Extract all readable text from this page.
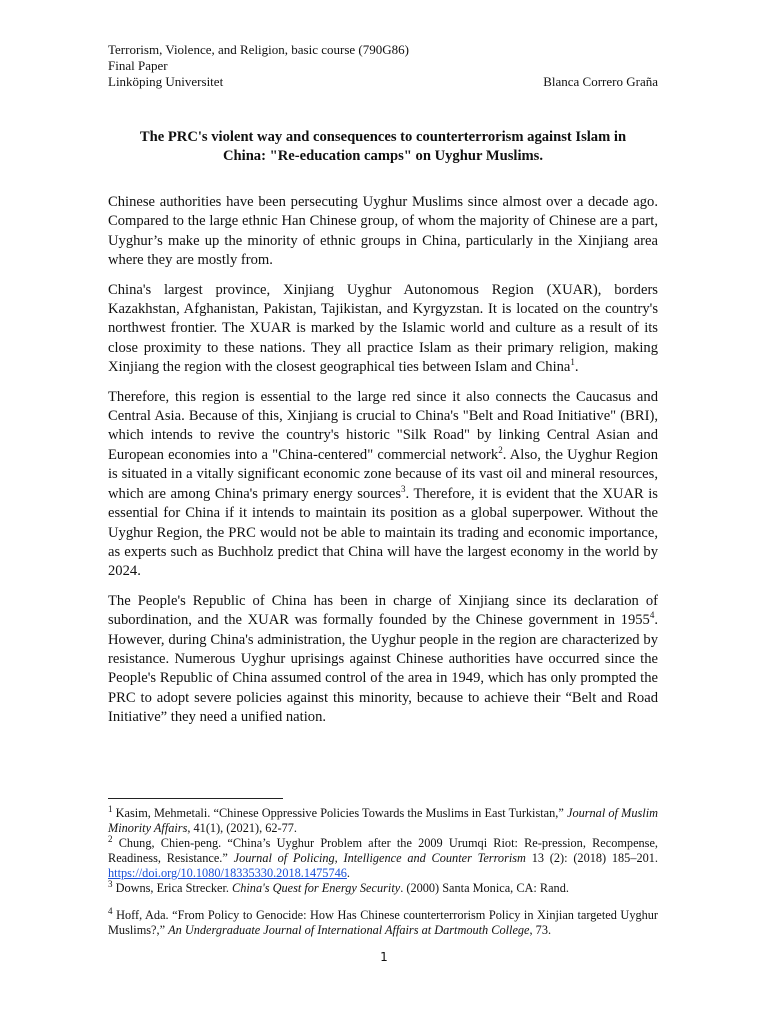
Terrorism, Violence, and Religion, basic course (790G86)
Final Paper
Linköping Universitet	Blanca Correro Graña
The PRC's violent way and consequences to counterterrorism against Islam in
China: "Re-education camps" on Uyghur Muslims.

Chinese authorities have been persecuting Uyghur Muslims since almost over a decade ago. Compared to the large ethnic Han Chinese group, of whom the majority of Chinese are a part, Uyghur’s make up the minority of ethnic groups in China, particularly in the Xinjiang area where they are mostly from.

China's largest province, Xinjiang Uyghur Autonomous Region (XUAR), borders Kazakhstan, Afghanistan, Pakistan, Tajikistan, and Kyrgyzstan. It is located on the country's northwest frontier. The XUAR is marked by the Islamic world and culture as a result of its close proximity to these nations. They all practice Islam as their primary religion, making Xinjiang the region with the closest geographical ties between Islam and China$^1$.

Therefore, this region is essential to the large red since it also connects the Caucasus and Central Asia. Because of this, Xinjiang is crucial to China's "Belt and Road Initiative" (BRI), which intends to revive the country's historic "Silk Road" by linking Central Asian and European economies into a "China-centered" commercial network$^2$. Also, the Uyghur Region is situated in a vitally significant economic zone because of its vast oil and mineral resources, which are among China's primary energy sources$^3$. Therefore, it is evident that the XUAR is essential for China if it intends to maintain its position as a global superpower. Without the Uyghur Region, the PRC would not be able to maintain its trading and economic importance, as experts such as Buchholz predict that China will have the largest economy in the world by 2024.

The People's Republic of China has been in charge of Xinjiang since its declaration of subordination, and the XUAR was formally founded by the Chinese government in 1955$^4$. However, during China's administration, the Uyghur people in the region are characterized by resistance. Numerous Uyghur uprisings against Chinese authorities have occurred since the People's Republic of China assumed control of the area in 1949, which has only prompted the PRC to adopt severe policies against this minority, because to achieve their “Belt and Road Initiative” they need a unified nation.

$^1$ Kasim, Mehmetali. “Chinese Oppressive Policies Towards the Muslims in East Turkistan,” Journal of Muslim Minority Affairs, 41(1), (2021), 62-77.

$^2$ Chung, Chien-peng. “China’s Uyghur Problem after the 2009 Urumqi Riot: Re-pression, Recompense, Readiness, Resistance.” Journal of Policing, Intelligence and Counter Terrorism 13 (2): (2018) 185–201. https://doi.org/10.1080/18335330.2018.1475746.

$^3$ Downs, Erica Strecker. China's Quest for Energy Security. (2000) Santa Monica, CA: Rand.

$^4$ Hoff, Ada. “From Policy to Genocide: How Has Chinese counterterrorism Policy in Xinjian targeted Uyghur Muslims?,” An Undergraduate Journal of International Affairs at Dartmouth College, 73.

1
